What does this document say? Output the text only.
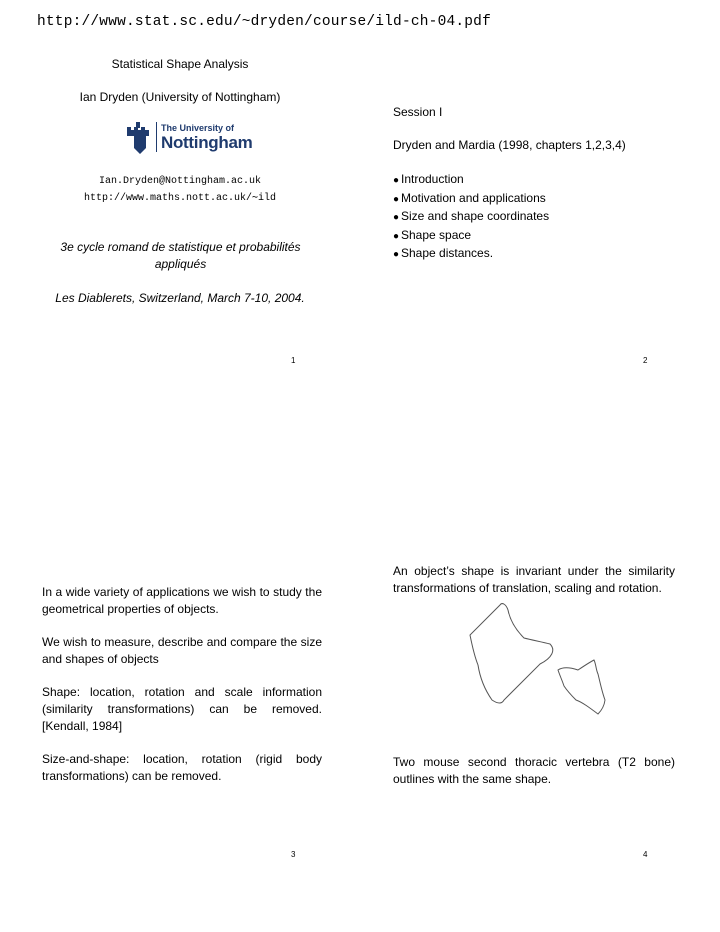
http://www.stat.sc.edu/~dryden/course/ild-ch-04.pdf
Statistical Shape Analysis
Ian Dryden (University of Nottingham)
The University of
Nottingham
Ian.Dryden@Nottingham.ac.uk
http://www.maths.nott.ac.uk/∼ild
3e cycle romand de statistique et probabilités appliqués
Les Diablerets, Switzerland, March 7-10, 2004.
1
Session I
Dryden and Mardia (1998, chapters 1,2,3,4)
● Introduction
● Motivation and applications
● Size and shape coordinates
● Shape space
● Shape distances.
2

In a wide variety of applications we wish to study the geometrical properties of objects.

We wish to measure, describe and compare the size and shapes of objects

Shape: location, rotation and scale information (similarity transformations) can be removed. [Kendall, 1984]

Size-and-shape: location, rotation (rigid body transformations) can be removed.

3
An object’s shape is invariant under the similarity transformations of translation, scaling and rotation.
Two mouse second thoracic vertebra (T2 bone) outlines with the same shape.
4
